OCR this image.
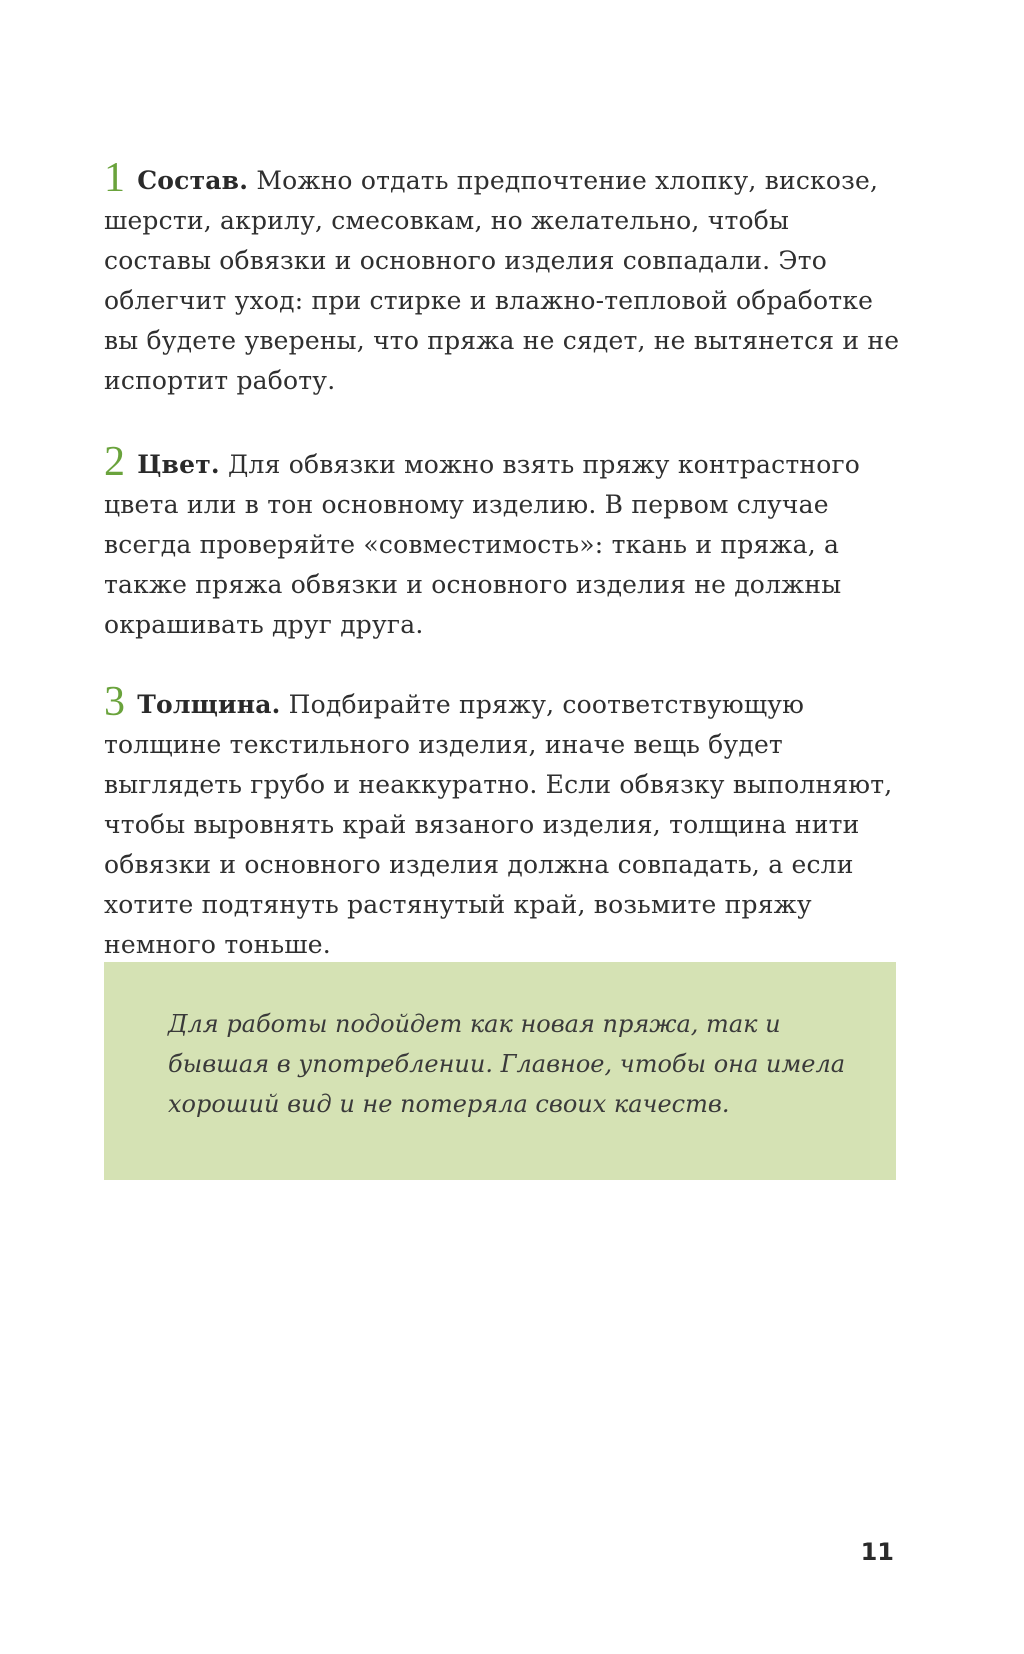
1 Состав. Можно отдать предпочтение хлопку, вискозе, шерсти, акрилу, смесовкам, но желательно, чтобы составы обвязки и основного изделия совпадали. Это облегчит уход: при стирке и влажно-тепловой обработке вы будете уверены, что пряжа не сядет, не вытянется и не испортит работу.

2 Цвет. Для обвязки можно взять пряжу контрастного цвета или в тон основному изделию. В первом случае всегда проверяйте «совместимость»: ткань и пряжа, а также пряжа обвязки и основного изделия не должны окрашивать друг друга.

3 Толщина. Подбирайте пряжу, соответствующую толщине текстильного изделия, иначе вещь будет выглядеть грубо и неаккуратно. Если обвязку выполняют, чтобы выровнять край вязаного изделия, толщина нити обвязки и основного изделия должна совпадать, а если хотите подтянуть растянутый край, возьмите пряжу немного тоньше.

Для работы подойдет как новая пряжа, так и бывшая в употреблении. Главное, чтобы она имела хороший вид и не потеряла своих качеств.

11
